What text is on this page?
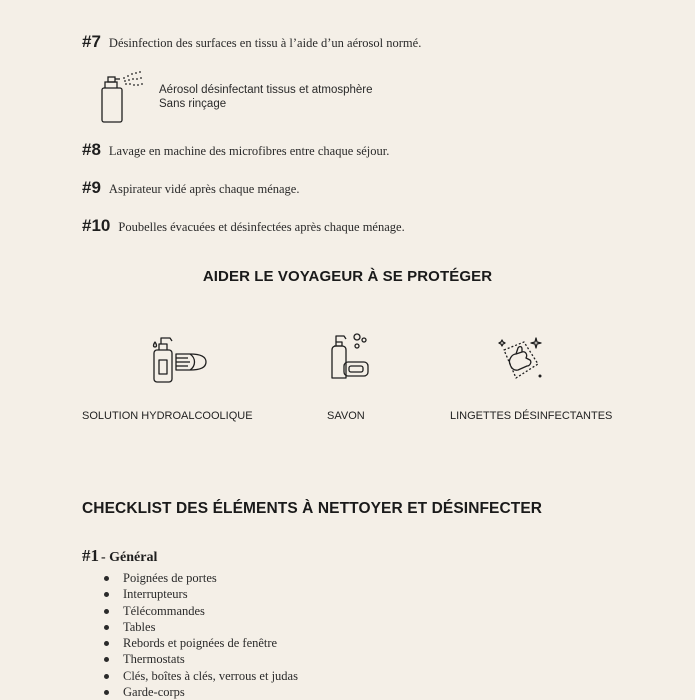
#7 Désinfection des surfaces en tissu à l’aide d’un aérosol normé.
Aérosol désinfectant tissus et atmosphère
Sans rinçage
#8 Lavage en machine des microfibres entre chaque séjour.
#9 Aspirateur vidé après chaque ménage.
#10 Poubelles évacuées et désinfectées après chaque ménage.
AIDER LE VOYAGEUR À SE PROTÉGER
SOLUTION HYDROALCOOLIQUE	SAVON	LINGETTES DÉSINFECTANTES
CHECKLIST DES ÉLÉMENTS À NETTOYER ET DÉSINFECTER
#1 - Général
Poignées de portes
Interrupteurs
Télécommandes
Tables
Rebords et poignées de fenêtre
Thermostats
Clés, boîtes à clés, verrous et judas
Garde-corps
